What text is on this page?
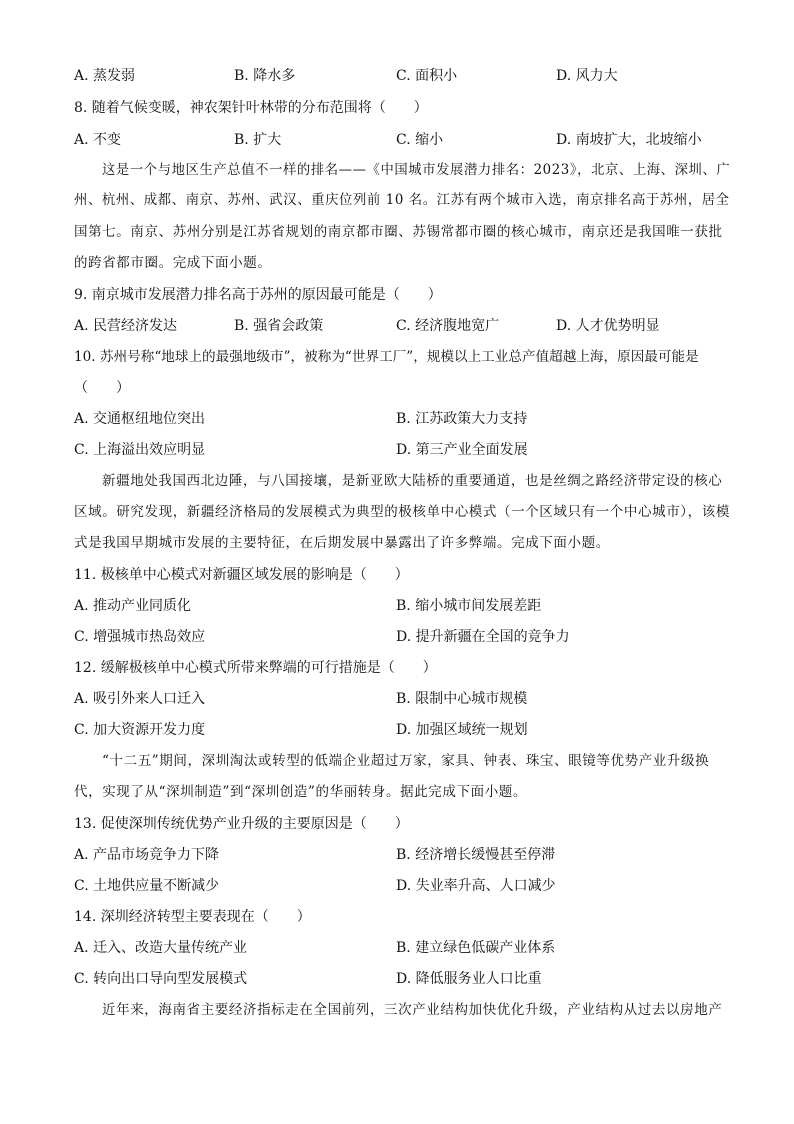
A. 蒸发弱	B. 降水多	C. 面积小	D. 风力大
8. 随着气候变暖，神农架针叶林带的分布范围将（　　）
A. 不变	B. 扩大	C. 缩小	D. 南坡扩大，北坡缩小
这是一个与地区生产总值不一样的排名——《中国城市发展潜力排名：2023》，北京、上海、深圳、广
州、杭州、成都、南京、苏州、武汉、重庆位列前 10 名。江苏有两个城市入选，南京排名高于苏州，居全
国第七。南京、苏州分别是江苏省规划的南京都市圈、苏锡常都市圈的核心城市，南京还是我国唯一获批
的跨省都市圈。完成下面小题。
9. 南京城市发展潜力排名高于苏州的原因最可能是（　　）
A. 民营经济发达	B. 强省会政策	C. 经济腹地宽广	D. 人才优势明显
10. 苏州号称“地球上的最强地级市”，被称为“世界工厂”，规模以上工业总产值超越上海，原因最可能是
（　　）
A. 交通枢纽地位突出	B. 江苏政策大力支持
C. 上海溢出效应明显	D. 第三产业全面发展
新疆地处我国西北边陲，与八国接壤，是新亚欧大陆桥的重要通道，也是丝绸之路经济带定设的核心
区域。研究发现，新疆经济格局的发展模式为典型的极核单中心模式（一个区域只有一个中心城市），该模
式是我国早期城市发展的主要特征，在后期发展中暴露出了许多弊端。完成下面小题。
11. 极核单中心模式对新疆区域发展的影响是（　　）
A. 推动产业同质化	B. 缩小城市间发展差距
C. 增强城市热岛效应	D. 提升新疆在全国的竞争力
12. 缓解极核单中心模式所带来弊端的可行措施是（　　）
A. 吸引外来人口迁入	B. 限制中心城市规模
C. 加大资源开发力度	D. 加强区域统一规划
“十二五”期间，深圳淘汰或转型的低端企业超过万家，家具、钟表、珠宝、眼镜等优势产业升级换
代，实现了从“深圳制造”到“深圳创造”的华丽转身。据此完成下面小题。
13. 促使深圳传统优势产业升级的主要原因是（　　）
A. 产品市场竞争力下降	B. 经济增长缓慢甚至停滞
C. 土地供应量不断减少	D. 失业率升高、人口减少
14. 深圳经济转型主要表现在（　　）
A. 迁入、改造大量传统产业	B. 建立绿色低碳产业体系
C. 转向出口导向型发展模式	D. 降低服务业人口比重
近年来，海南省主要经济指标走在全国前列，三次产业结构加快优化升级，产业结构从过去以房地产
